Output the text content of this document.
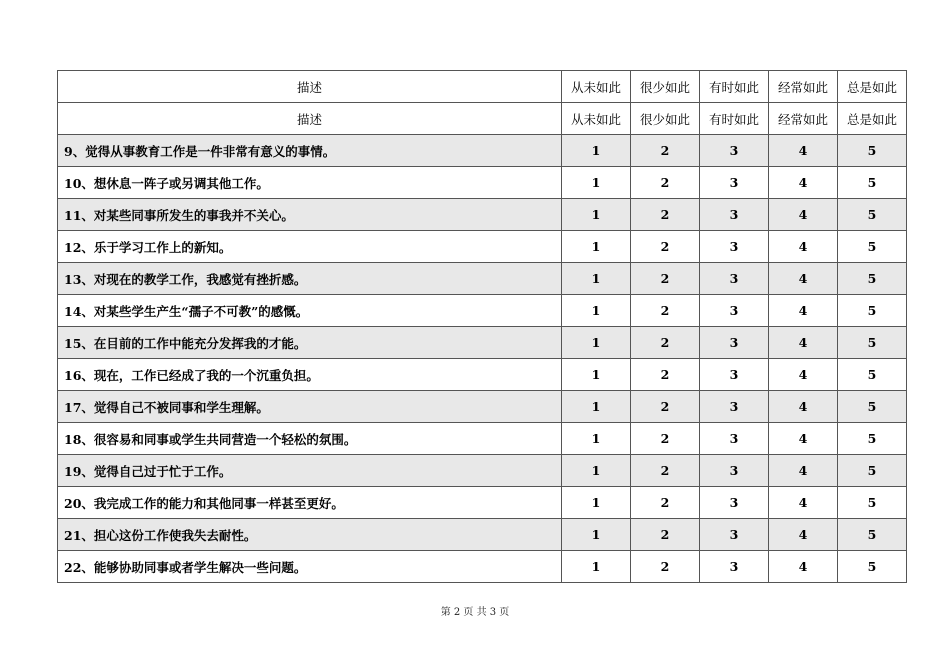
描述	从未如此	很少如此	有时如此	经常如此	总是如此
描述	从未如此	很少如此	有时如此	经常如此	总是如此
9、觉得从事教育工作是一件非常有意义的事情。	1	2	3	4	5
10、想休息一阵子或另调其他工作。	1	2	3	4	5
11、对某些同事所发生的事我并不关心。	1	2	3	4	5
12、乐于学习工作上的新知。	1	2	3	4	5
13、对现在的教学工作，我感觉有挫折感。	1	2	3	4	5
14、对某些学生产生“孺子不可教”的感慨。	1	2	3	4	5
15、在目前的工作中能充分发挥我的才能。	1	2	3	4	5
16、现在，工作已经成了我的一个沉重负担。	1	2	3	4	5
17、觉得自己不被同事和学生理解。	1	2	3	4	5
18、很容易和同事或学生共同营造一个轻松的氛围。	1	2	3	4	5
19、觉得自己过于忙于工作。	1	2	3	4	5
20、我完成工作的能力和其他同事一样甚至更好。	1	2	3	4	5
21、担心这份工作使我失去耐性。	1	2	3	4	5
22、能够协助同事或者学生解决一些问题。	1	2	3	4	5
第 2 页 共 3 页
